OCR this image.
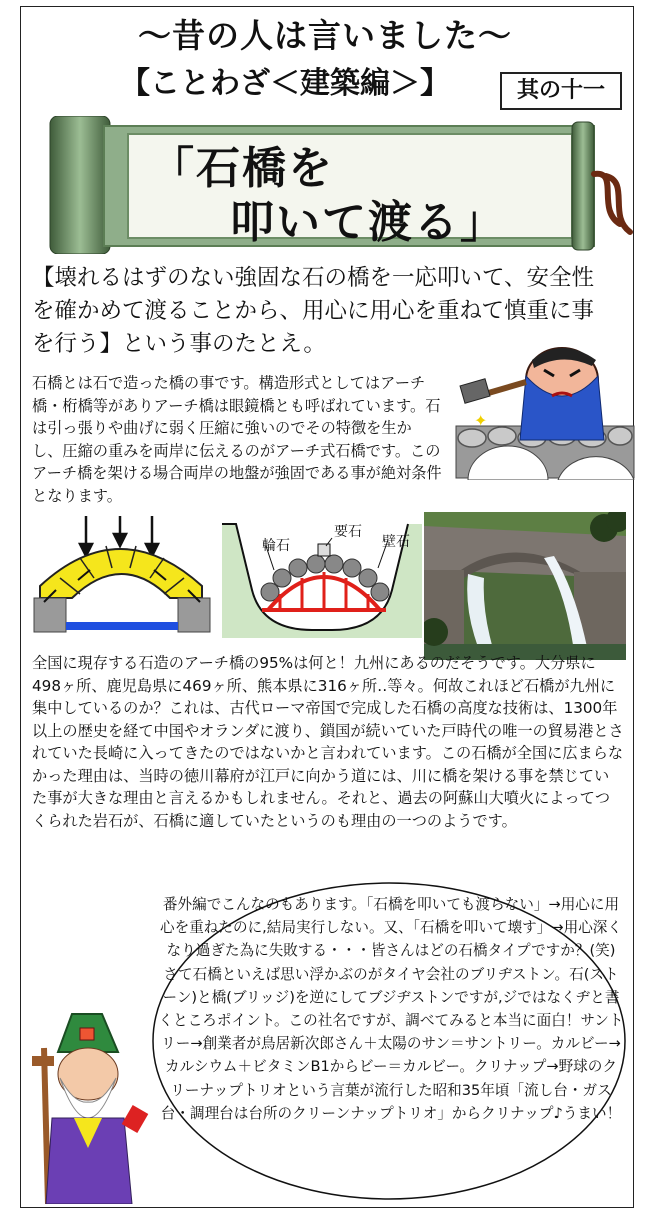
～昔の人は言いました～
【ことわざ＜建築編＞】	其の十一
「石橋を
叩いて渡る」
【壊れるはずのない強固な石の橋を一応叩いて、安全性を確かめて渡ることから、用心に用心を重ねて慎重に事を行う】という事のたとえ。
石橋とは石で造った橋の事です。構造形式としてはアーチ橋・桁橋等がありアーチ橋は眼鏡橋とも呼ばれています。石は引っ張りや曲げに弱く圧縮に強いのでその特徴を生かし、圧縮の重みを両岸に伝えるのがアーチ式石橋です。このアーチ橋を架ける場合両岸の地盤が強固である事が絶対条件となります。
✦
要石
輪石	壁石
全国に現存する石造のアーチ橋の95%は何と！九州にあるのだそうです。大分県に498ヶ所、鹿児島県に469ヶ所、熊本県に316ヶ所‥等々。何故これほど石橋が九州に集中しているのか？これは、古代ローマ帝国で完成した石橋の高度な技術は、1300年以上の歴史を経て中国やオランダに渡り、鎖国が続いていた戸時代の唯一の貿易港とされていた長崎に入ってきたのではないかと言われています。この石橋が全国に広まらなかった理由は、当時の徳川幕府が江戸に向かう道には、川に橋を架ける事を禁じていた事が大きな理由と言えるかもしれません。それと、過去の阿蘇山大噴火によってつくられた岩石が、石橋に適していたというのも理由の一つのようです。
番外編でこんなのもあります。「石橋を叩いても渡らない」→用心に用心を重ねたのに,結局実行しない。又、「石橋を叩いて壊す」→用心深くなり過ぎた為に失敗する・・・皆さんはどの石橋タイプですか？(笑)　さて石橋といえば思い浮かぶのがタイヤ会社のブリヂストン。石(ストーン)と橋(ブリッジ)を逆にしてブジヂストンですが,ジではなくヂと書くところポイント。この社名ですが、調べてみると本当に面白！サントリー→創業者が鳥居新次郎さん＋太陽のサン＝サントリー。カルビー→カルシウム＋ビタミンB1からビー＝カルビー。クリナップ→野球のクリーナップトリオという言葉が流行した昭和35年頃「流し台・ガス台・調理台は台所のクリーンナップトリオ」からクリナップ♪うまい！
